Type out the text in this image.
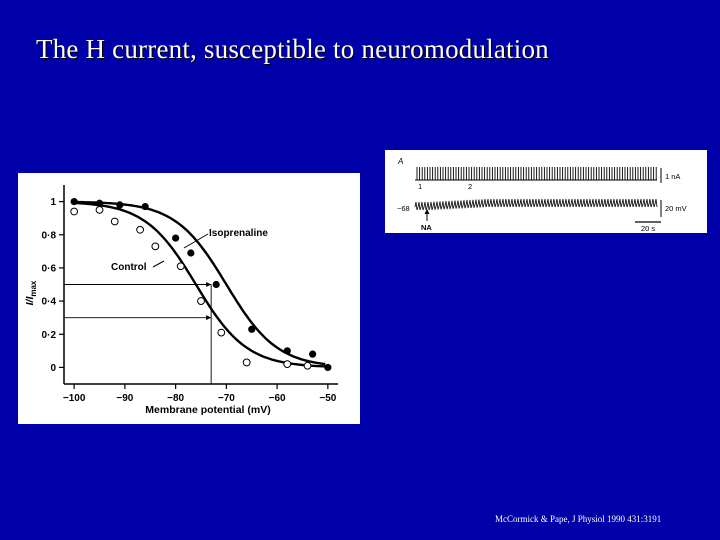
The H current, susceptible to neuromodulation
−100	−90	−80	−70	−60	−50
0
0·2
0·4
0·6
0·8
1
Isoprenaline
Control
Membrane potential (mV)
$I/I_{max}$
A
1	2
−68
NA
1 nA
20 mV
20 s
McCormick & Pape, J Physiol 1990 431:3191
